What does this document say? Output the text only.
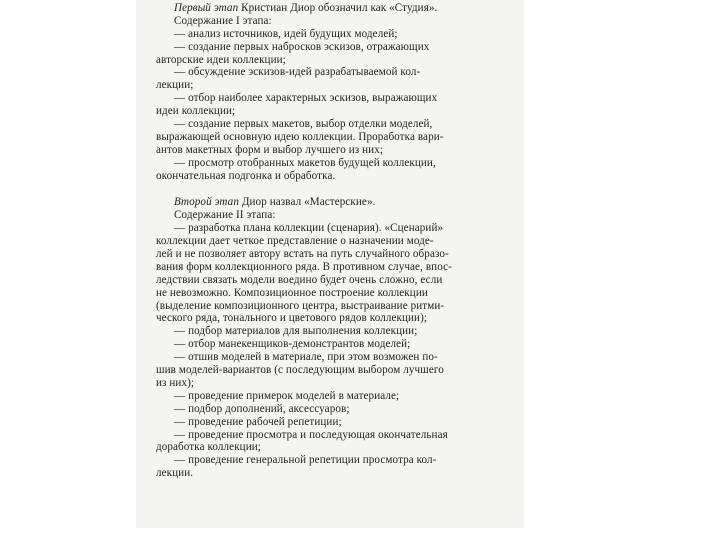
Первый этап Кристиан Диор обозначил как «Студия».
Содержание I этапа:
— анализ источников, идей будущих моделей;
— создание первых набросков эскизов, отражающих
авторские идеи коллекции;
— обсуждение эскизов-идей разрабатываемой кол-
лекции;
— отбор наиболее характерных эскизов, выражающих
идеи коллекции;
— создание первых макетов, выбор отделки моделей,
выражающей основную идею коллекции. Проработка вари-
антов макетных форм и выбор лучшего из них;
— просмотр отобранных макетов будущей коллекции,
окончательная подгонка и обработка.
Второй этап Диор назвал «Мастерские».
Содержание II этапа:
— разработка плана коллекции (сценария). «Сценарий»
коллекции дает четкое представление о назначении моде-
лей и не позволяет автору встать на путь случайного образо-
вания форм коллекционного ряда. В противном случае, впос-
ледствии связать модели воедино будет очень сложно, если
не невозможно. Композиционное построение коллекции
(выделение композиционного центра, выстраивание ритми-
ческого ряда, тонального и цветового рядов коллекции);
— подбор материалов для выполнения коллекции;
— отбор манекенщиков-демонстрантов моделей;
— отшив моделей в материале, при этом возможен по-
шив моделей-вариантов (с последующим выбором лучшего
из них);
— проведение примерок моделей в материале;
— подбор дополнений, аксессуаров;
— проведение рабочей репетиции;
— проведение просмотра и последующая окончательная
доработка коллекции;
— проведение генеральной репетиции просмотра кол-
лекции.
